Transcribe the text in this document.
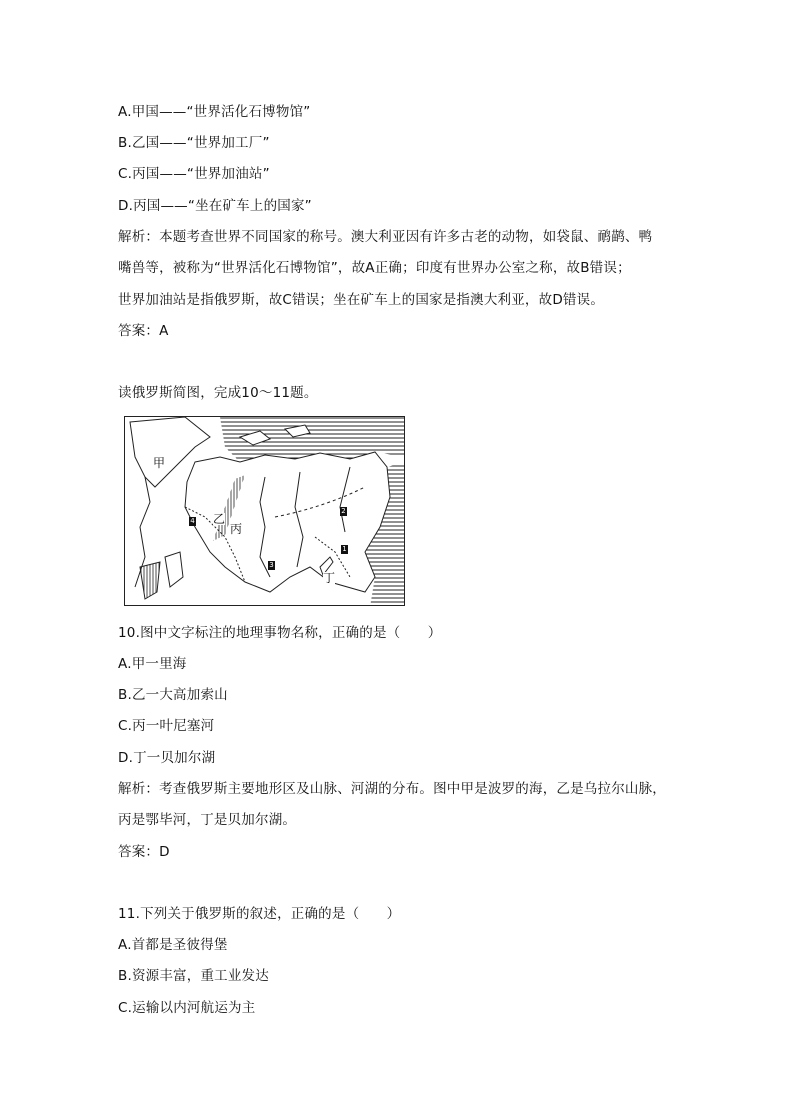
A.甲国——“世界活化石博物馆”
B.乙国——“世界加工厂”
C.丙国——“世界加油站”
D.丙国——“坐在矿车上的国家”
解析：本题考查世界不同国家的称号。澳大利亚因有许多古老的动物，如袋鼠、鸸鹋、鸭
嘴兽等，被称为“世界活化石博物馆”，故A正确；印度有世界办公室之称，故B错误；
世界加油站是指俄罗斯，故C错误；坐在矿车上的国家是指澳大利亚，故D错误。
答案：A
读俄罗斯简图，完成10～11题。
甲
乙
丙
丁
4
3
2
1
10.图中文字标注的地理事物名称，正确的是（　　）
A.甲一里海
B.乙一大高加索山
C.丙一叶尼塞河
D.丁一贝加尔湖
解析：考查俄罗斯主要地形区及山脉、河湖的分布。图中甲是波罗的海，乙是乌拉尔山脉，
丙是鄂毕河，丁是贝加尔湖。
答案：D
11.下列关于俄罗斯的叙述，正确的是（　　）
A.首都是圣彼得堡
B.资源丰富，重工业发达
C.运输以内河航运为主
